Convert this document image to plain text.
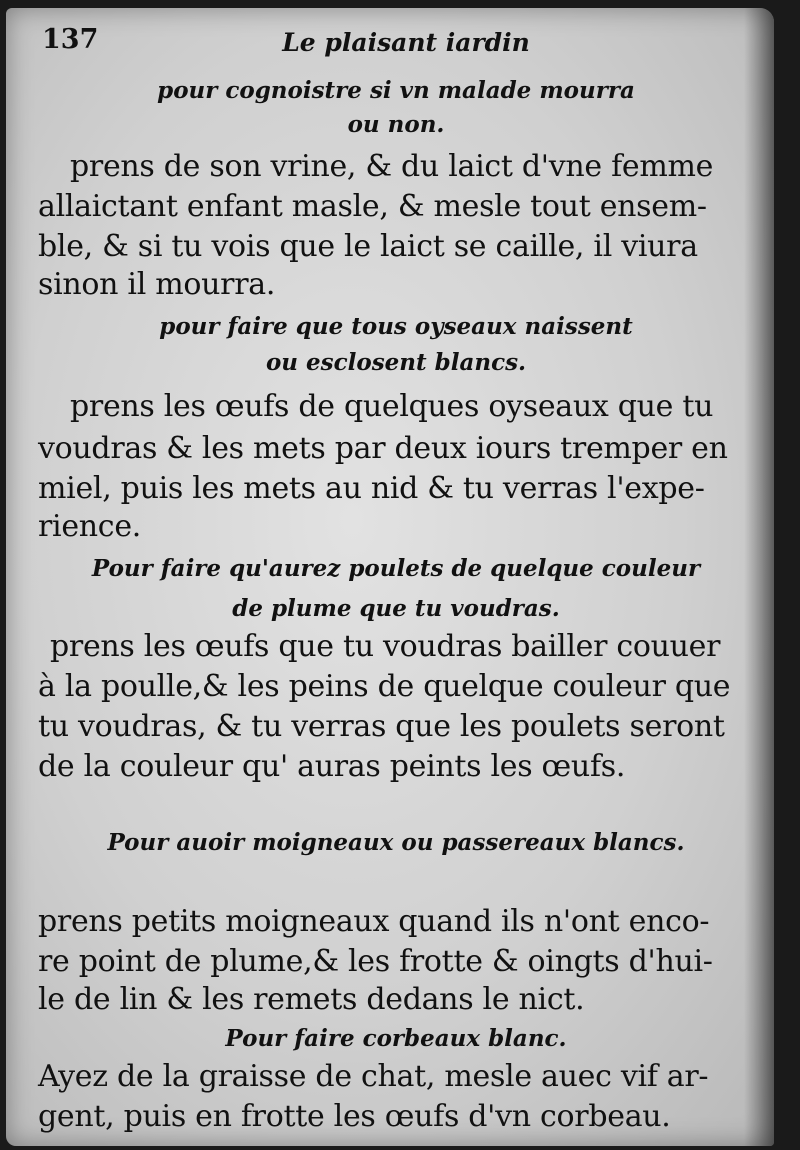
137	Le plaisant iardin
pour cognoistre si vn malade mourra
ou non.
prens de son vrine, & du laict d'vne femme
allaictant enfant masle, & mesle tout ensem-
ble, & si tu vois que le laict se caille, il viura
sinon il mourra.
pour faire que tous oyseaux naissent
ou esclosent blancs.
prens les œufs de quelques oyseaux que tu
voudras & les mets par deux iours tremper en
miel, puis les mets au nid & tu verras l'expe-
rience.
Pour faire qu'aurez poulets de quelque couleur
de plume que tu voudras.
prens les œufs que tu voudras bailler couuer
à la poulle,& les peins de quelque couleur que
tu voudras, & tu verras que les poulets seront
de la couleur qu' auras peints les œufs.
Pour auoir moigneaux ou passereaux blancs.
prens petits moigneaux quand ils n'ont enco-
re point de plume,& les frotte & oingts d'hui-
le de lin & les remets dedans le nict.
Pour faire corbeaux blanc.
Ayez de la graisse de chat, mesle auec vif ar-
gent, puis en frotte les œufs d'vn corbeau.
